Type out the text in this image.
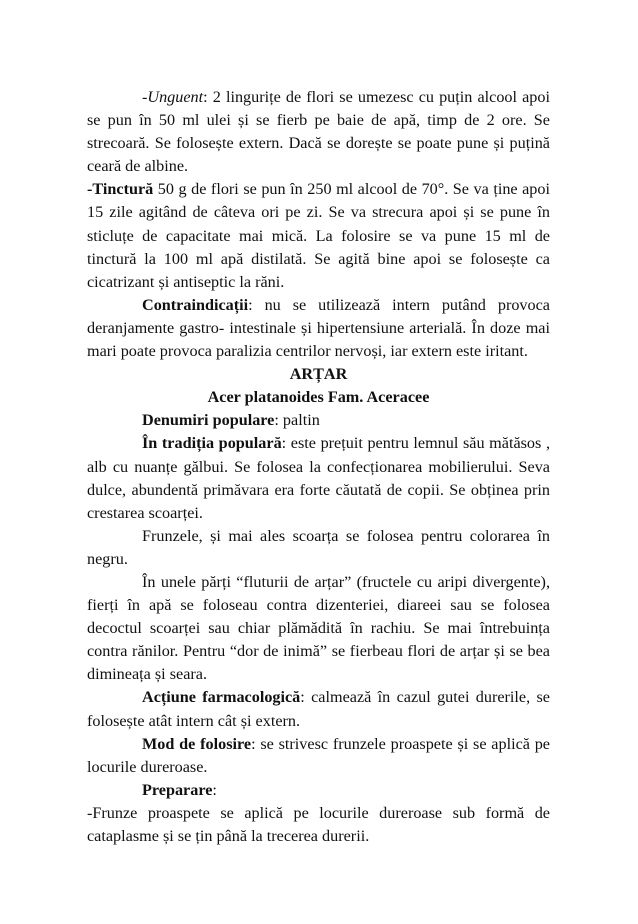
-Unguent: 2 lingurițe de flori se umezesc cu puțin alcool apoi se pun în 50 ml ulei și se fierb pe baie de apă, timp de 2 ore. Se strecoară. Se folosește extern. Dacă se dorește se poate pune și puțină ceară de albine.

-Tinctură 50 g de flori se pun în 250 ml alcool de 70°. Se va ține apoi 15 zile agitând de câteva ori pe zi. Se va strecura apoi și se pune în sticluțe de capacitate mai mică. La folosire se va pune 15 ml de tinctură la 100 ml apă distilată. Se agită bine apoi se folosește ca cicatrizant și antiseptic la răni.

Contraindicații: nu se utilizează intern putând provoca deranjamente gastro- intestinale și hipertensiune arterială. În doze mai mari poate provoca paralizia centrilor nervoși, iar extern este iritant.

ARȚAR

Acer platanoides Fam. Aceracee

Denumiri populare: paltin

În tradiția populară: este prețuit pentru lemnul său mătăsos , alb cu nuanțe gălbui. Se folosea la confecționarea mobilierului. Seva dulce, abundentă primăvara era forte căutată de copii. Se obținea prin crestarea scoarței.

Frunzele, și mai ales scoarța se folosea pentru colorarea în negru.

În unele părți “fluturii de arțar” (fructele cu aripi divergente), fierți în apă se foloseau contra dizenteriei, diareei sau se folosea decoctul scoarței sau chiar plămădită în rachiu. Se mai întrebuința contra rănilor. Pentru “dor de inimă” se fierbeau flori de arțar și se bea dimineața și seara.

Acțiune farmacologică: calmează în cazul gutei durerile, se folosește atât intern cât și extern.

Mod de folosire: se strivesc frunzele proaspete și se aplică pe locurile dureroase.

Preparare:

-Frunze proaspete se aplică pe locurile dureroase sub formă de cataplasme și se țin până la trecerea durerii.
